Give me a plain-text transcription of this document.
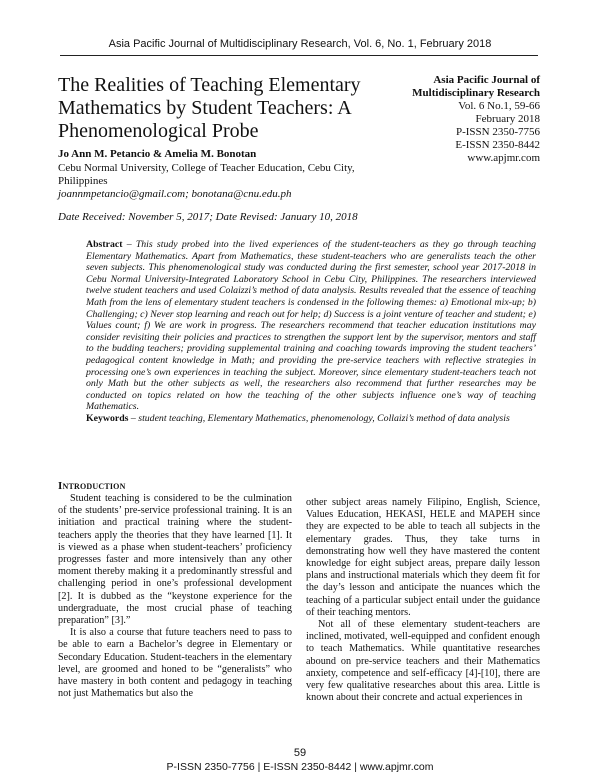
Asia Pacific Journal of Multidisciplinary Research, Vol. 6, No. 1, February 2018
The Realities of Teaching Elementary Mathematics by Student Teachers: A Phenomenological Probe
Asia Pacific Journal of
Multidisciplinary Research
Vol. 6 No.1, 59-66
February 2018
P-ISSN 2350-7756
E-ISSN 2350-8442
www.apjmr.com
Jo Ann M. Petancio & Amelia M. Bonotan
Cebu Normal University, College of Teacher Education, Cebu City, Philippines
joannmpetancio@gmail.com; bonotana@cnu.edu.ph
Date Received: November 5, 2017; Date Revised: January 10, 2018
Abstract – This study probed into the lived experiences of the student-teachers as they go through teaching Elementary Mathematics. Apart from Mathematics, these student-teachers who are generalists teach the other seven subjects. This phenomenological study was conducted during the first semester, school year 2017-2018 in Cebu Normal University-Integrated Laboratory School in Cebu City, Philippines. The researchers interviewed twelve student teachers and used Colaizzi’s method of data analysis. Results revealed that the essence of teaching Math from the lens of elementary student teachers is condensed in the following themes: a) Emotional mix-up; b) Challenging; c) Never stop learning and reach out for help; d) Success is a joint venture of teacher and student; e) Values count; f) We are work in progress. The researchers recommend that teacher education institutions may consider revisiting their policies and practices to strengthen the support lent by the supervisor, mentors and staff to the budding teachers; providing supplemental training and coaching towards improving the student teachers’ pedagogical content knowledge in Math; and providing the pre-service teachers with reflective strategies in processing one’s own experiences in teaching the subject. Moreover, since elementary student-teachers teach not only Math but the other subjects as well, the researchers also recommend that further researches may be conducted on topics related on how the teaching of the other subjects influence one’s way of teaching Mathematics.
Keywords – student teaching, Elementary Mathematics, phenomenology, Collaizi’s method of data analysis
Introduction

Student teaching is considered to be the culmination of the students’ pre-service professional training. It is an initiation and practical training where the student-teachers apply the theories that they have learned [1]. It is viewed as a phase when student-teachers’ proficiency progresses faster and more intensively than any other moment thereby making it a predominantly stressful and challenging period in one’s professional development [2]. It is dubbed as the “keystone experience for the undergraduate, the most crucial phase of teaching preparation” [3].”

It is also a course that future teachers need to pass to be able to earn a Bachelor’s degree in Elementary or Secondary Education. Student-teachers in the elementary level, are groomed and honed to be “generalists” who have mastery in both content and pedagogy in teaching not just Mathematics but also the

other subject areas namely Filipino, English, Science, Values Education, HEKASI, HELE and MAPEH since they are expected to be able to teach all subjects in the elementary grades. Thus, they take turns in demonstrating how well they have mastered the content knowledge for eight subject areas, prepare daily lesson plans and instructional materials which they deem fit for the day’s lesson and anticipate the nuances which the teaching of a particular subject entail under the guidance of their teaching mentors.

Not all of these elementary student-teachers are inclined, motivated, well-equipped and confident enough to teach Mathematics. While quantitative researches abound on pre-service teachers and their Mathematics anxiety, competence and self-efficacy [4]-[10], there are very few qualitative researches about this area. Little is known about their concrete and actual experiences in

59
P-ISSN 2350-7756 | E-ISSN 2350-8442 | www.apjmr.com
